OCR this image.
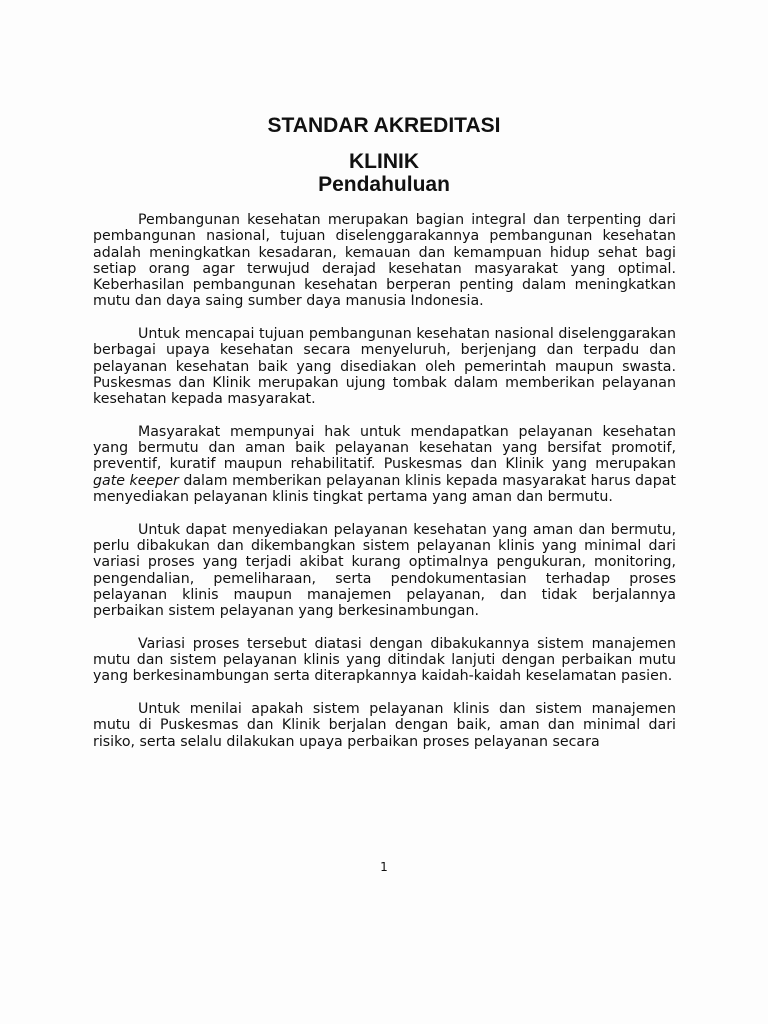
STANDAR AKREDITASI
KLINIK
Pendahuluan

Pembangunan kesehatan merupakan bagian integral dan terpenting dari pembangunan nasional, tujuan diselenggarakannya pembangunan kesehatan adalah meningkatkan kesadaran, kemauan dan kemampuan hidup sehat bagi setiap orang agar terwujud derajad kesehatan masyarakat yang optimal. Keberhasilan pembangunan kesehatan berperan penting dalam meningkatkan mutu dan daya saing sumber daya manusia Indonesia.

Untuk mencapai tujuan pembangunan kesehatan nasional diselenggarakan berbagai upaya kesehatan secara menyeluruh, berjenjang dan terpadu dan pelayanan kesehatan baik yang disediakan oleh pemerintah maupun swasta. Puskesmas dan Klinik merupakan ujung tombak dalam memberikan pelayanan kesehatan kepada masyarakat.

Masyarakat mempunyai hak untuk mendapatkan pelayanan kesehatan yang bermutu dan aman baik pelayanan kesehatan yang bersifat promotif, preventif, kuratif maupun rehabilitatif. Puskesmas dan Klinik yang merupakan gate keeper dalam memberikan pelayanan klinis kepada masyarakat harus dapat menyediakan pelayanan klinis tingkat pertama yang aman dan bermutu.

Untuk dapat menyediakan pelayanan kesehatan yang aman dan bermutu, perlu dibakukan dan dikembangkan sistem pelayanan klinis yang minimal dari variasi proses yang terjadi akibat kurang optimalnya pengukuran, monitoring, pengendalian, pemeliharaan, serta pendokumentasian terhadap proses pelayanan klinis maupun manajemen pelayanan, dan tidak berjalannya perbaikan sistem pelayanan yang berkesinambungan.

Variasi proses tersebut diatasi dengan dibakukannya sistem manajemen mutu dan sistem pelayanan klinis yang ditindak lanjuti dengan perbaikan mutu yang berkesinambungan serta diterapkannya kaidah-kaidah keselamatan pasien.

Untuk menilai apakah sistem pelayanan klinis dan sistem manajemen mutu di Puskesmas dan Klinik berjalan dengan baik, aman dan minimal dari risiko, serta selalu dilakukan upaya perbaikan proses pelayanan secara

1
